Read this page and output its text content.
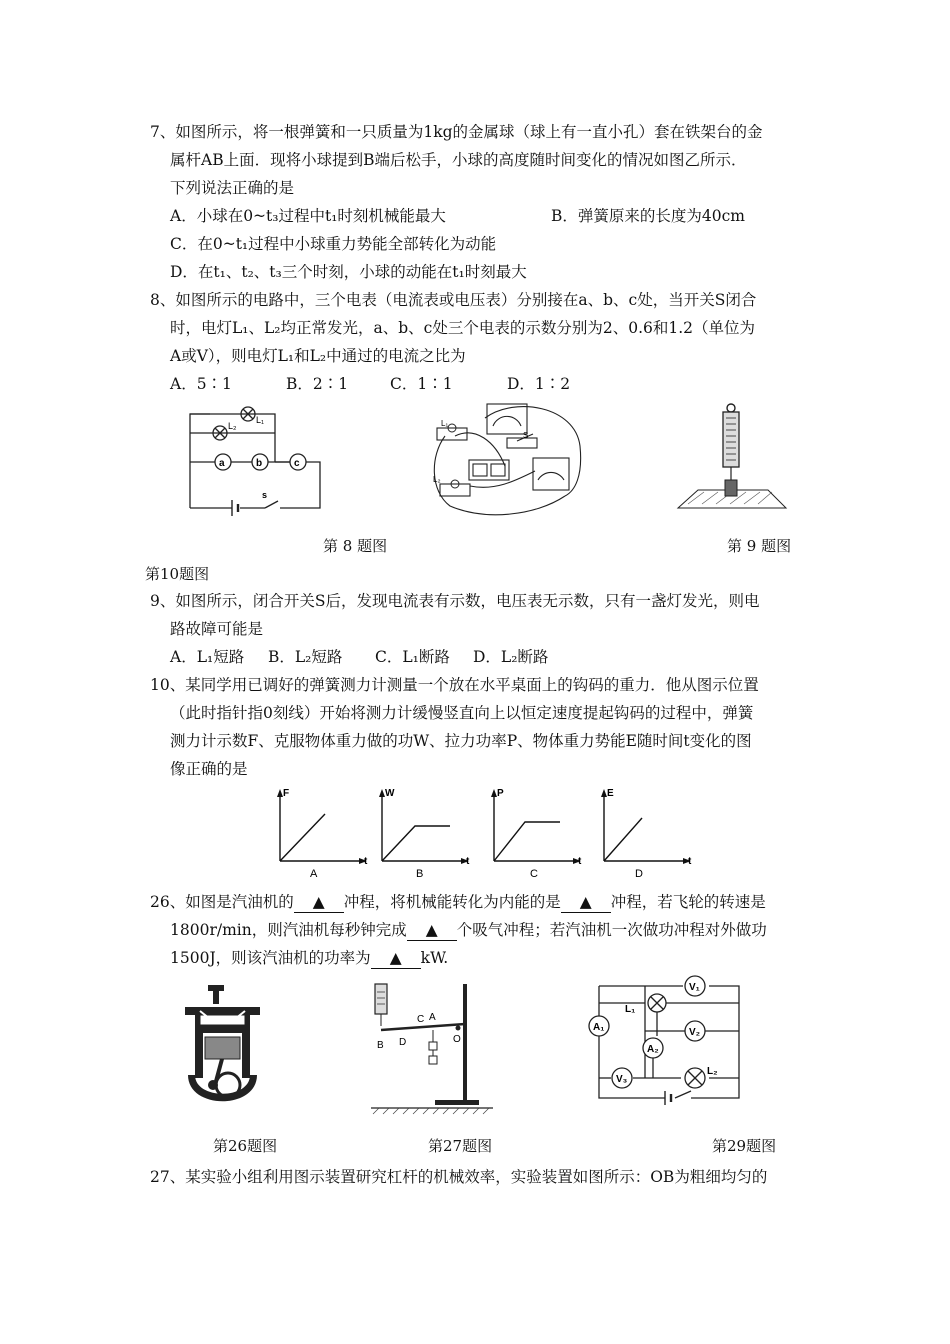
7、如图所示，将一根弹簧和一只质量为1kg的金属球（球上有一直小孔）套在铁架台的金
属杆AB上面．现将小球提到B端后松手，小球的高度随时间变化的情况如图乙所示．
下列说法正确的是
A．小球在0~t₃过程中t₁时刻机械能最大	B．弹簧原来的长度为40cm
C．在0~t₁过程中小球重力势能全部转化为动能
D．在t₁、t₂、t₃三个时刻，小球的动能在t₁时刻最大
8、如图所示的电路中，三个电表（电流表或电压表）分别接在a、b、c处，当开关S闭合
时，电灯L₁、L₂均正常发光，a、b、c处三个电表的示数分别为2、0.6和1.2（单位为
A或V），则电灯L₁和L₂中通过的电流之比为
A．5∶1	B．2∶1	C．1∶1	D．1∶2
L₂
L₁
a	b	c
s
L₁
L₂
S
第 8 题图	第 9 题图
第10题图
9、如图所示，闭合开关S后，发现电流表有示数，电压表无示数，只有一盏灯发光，则电
路故障可能是
A．L₁短路 B．L₂短路 C．L₁断路 D．L₂断路
10、某同学用已调好的弹簧测力计测量一个放在水平桌面上的钩码的重力．他从图示位置
（此时指针指0刻线）开始将测力计缓慢竖直向上以恒定速度提起钩码的过程中，弹簧
测力计示数F、克服物体重力做的功W、拉力功率P、物体重力势能E随时间t变化的图
像正确的是
F
t
W
t
P
t
E
t
A	B	C	D
26、如图是汽油机的 ▲ 冲程，将机械能转化为内能的是 ▲ 冲程，若飞轮的转速是
1800r/min，则汽油机每秒钟完成 ▲ 个吸气冲程；若汽油机一次做功冲程对外做功
1500J，则该汽油机的功率为 ▲ kW.
C A
B D	O
V₁
L₁
A₁	V₂
A₂
V₃
L₂
第26题图	第27题图	第29题图
27、某实验小组利用图示装置研究杠杆的机械效率，实验装置如图所示：OB为粗细均匀的
